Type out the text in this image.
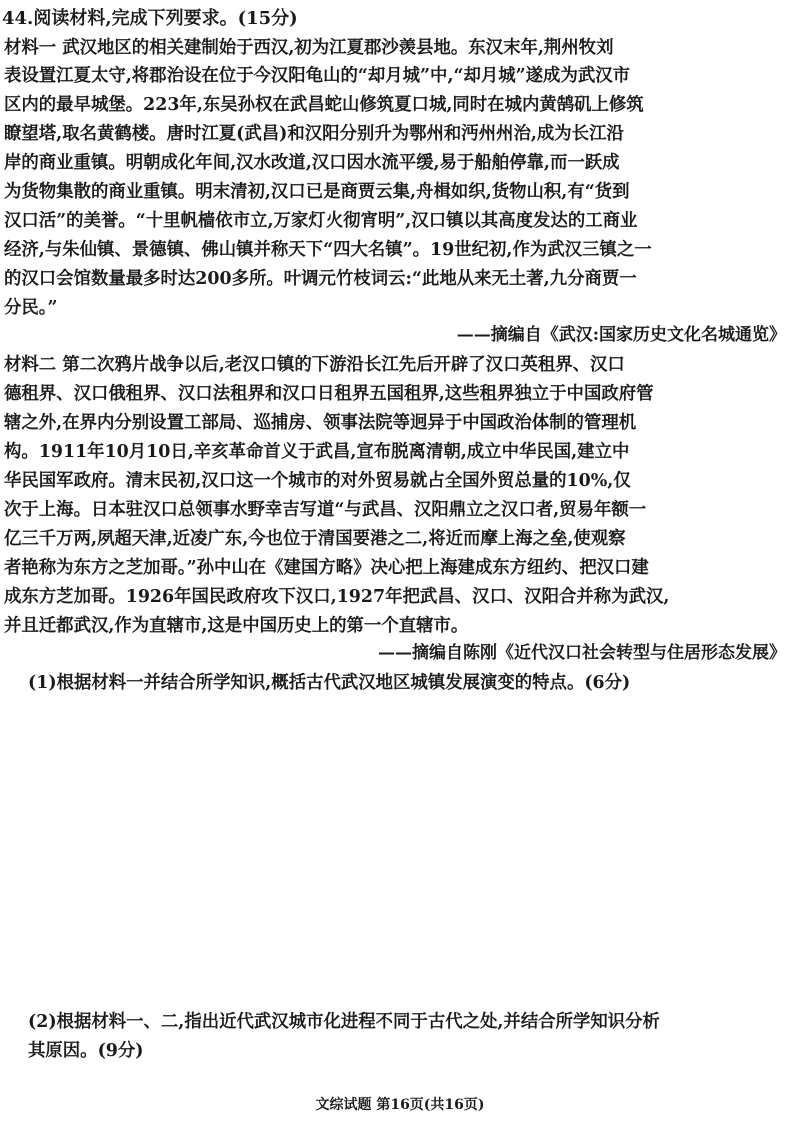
44.阅读材料,完成下列要求。(15分)
材料一 武汉地区的相关建制始于西汉,初为江夏郡沙羡县地。东汉末年,荆州牧刘
表设置江夏太守,将郡治设在位于今汉阳龟山的“却月城”中,“却月城”遂成为武汉市
区内的最早城堡。223年,东吴孙权在武昌蛇山修筑夏口城,同时在城内黄鹄矶上修筑
瞭望塔,取名黄鹤楼。唐时江夏(武昌)和汉阳分别升为鄂州和沔州州治,成为长江沿
岸的商业重镇。明朝成化年间,汉水改道,汉口因水流平缓,易于船舶停靠,而一跃成
为货物集散的商业重镇。明末清初,汉口已是商贾云集,舟楫如织,货物山积,有“货到
汉口活”的美誉。“十里帆樯依市立,万家灯火彻宵明”,汉口镇以其高度发达的工商业
经济,与朱仙镇、景德镇、佛山镇并称天下“四大名镇”。19世纪初,作为武汉三镇之一
的汉口会馆数量最多时达200多所。叶调元竹枝词云:“此地从来无土著,九分商贾一
分民。”
——摘编自《武汉:国家历史文化名城通览》
材料二 第二次鸦片战争以后,老汉口镇的下游沿长江先后开辟了汉口英租界、汉口
德租界、汉口俄租界、汉口法租界和汉口日租界五国租界,这些租界独立于中国政府管
辖之外,在界内分别设置工部局、巡捕房、领事法院等迥异于中国政治体制的管理机
构。1911年10月10日,辛亥革命首义于武昌,宣布脱离清朝,成立中华民国,建立中
华民国军政府。清末民初,汉口这一个城市的对外贸易就占全国外贸总量的10%,仅
次于上海。日本驻汉口总领事水野幸吉写道“与武昌、汉阳鼎立之汉口者,贸易年额一
亿三千万两,夙超天津,近凌广东,今也位于清国要港之二,将近而摩上海之垒,使观察
者艳称为东方之芝加哥。”孙中山在《建国方略》决心把上海建成东方纽约、把汉口建
成东方芝加哥。1926年国民政府攻下汉口,1927年把武昌、汉口、汉阳合并称为武汉,
并且迁都武汉,作为直辖市,这是中国历史上的第一个直辖市。
——摘编自陈刚《近代汉口社会转型与住居形态发展》
(1)根据材料一并结合所学知识,概括古代武汉地区城镇发展演变的特点。(6分)
(2)根据材料一、二,指出近代武汉城市化进程不同于古代之处,并结合所学知识分析
其原因。(9分)
文综试题 第16页(共16页)
